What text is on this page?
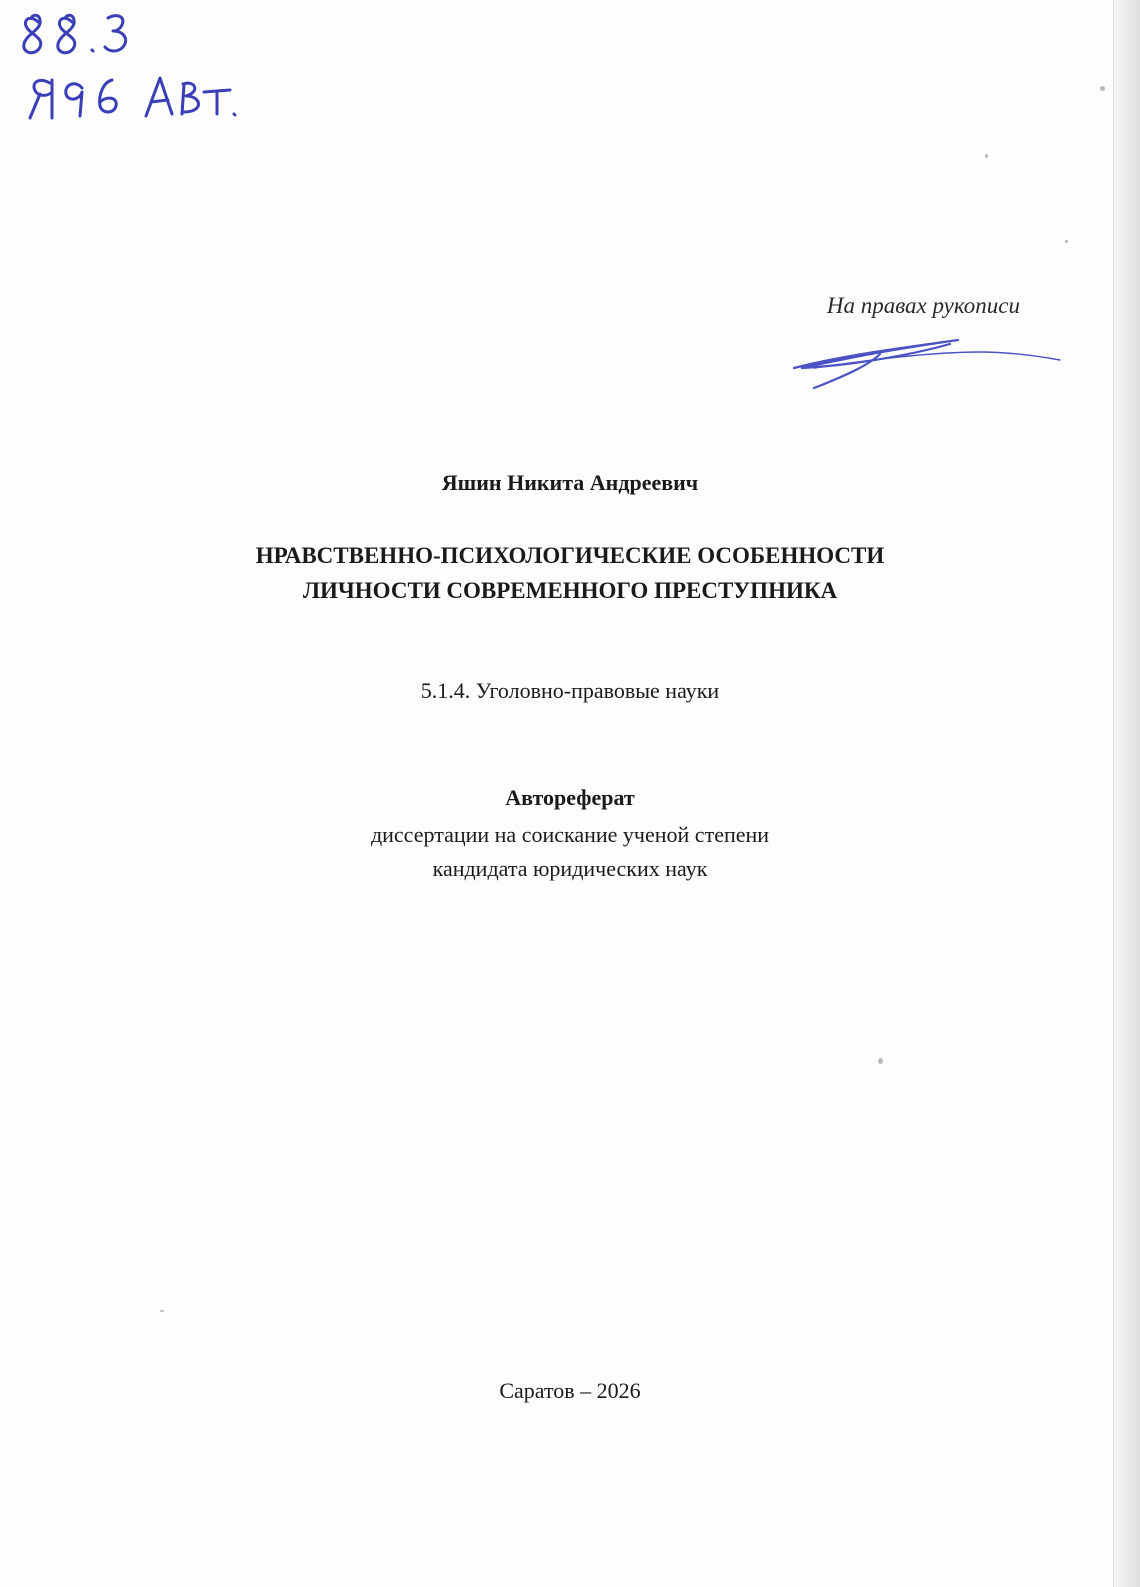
На правах рукописи
Яшин Никита Андреевич
НРАВСТВЕННО-ПСИХОЛОГИЧЕСКИЕ ОСОБЕННОСТИ
ЛИЧНОСТИ СОВРЕМЕННОГО ПРЕСТУПНИКА
5.1.4. Уголовно-правовые науки
Автореферат
диссертации на соискание ученой степени
кандидата юридических наук
Саратов – 2026
